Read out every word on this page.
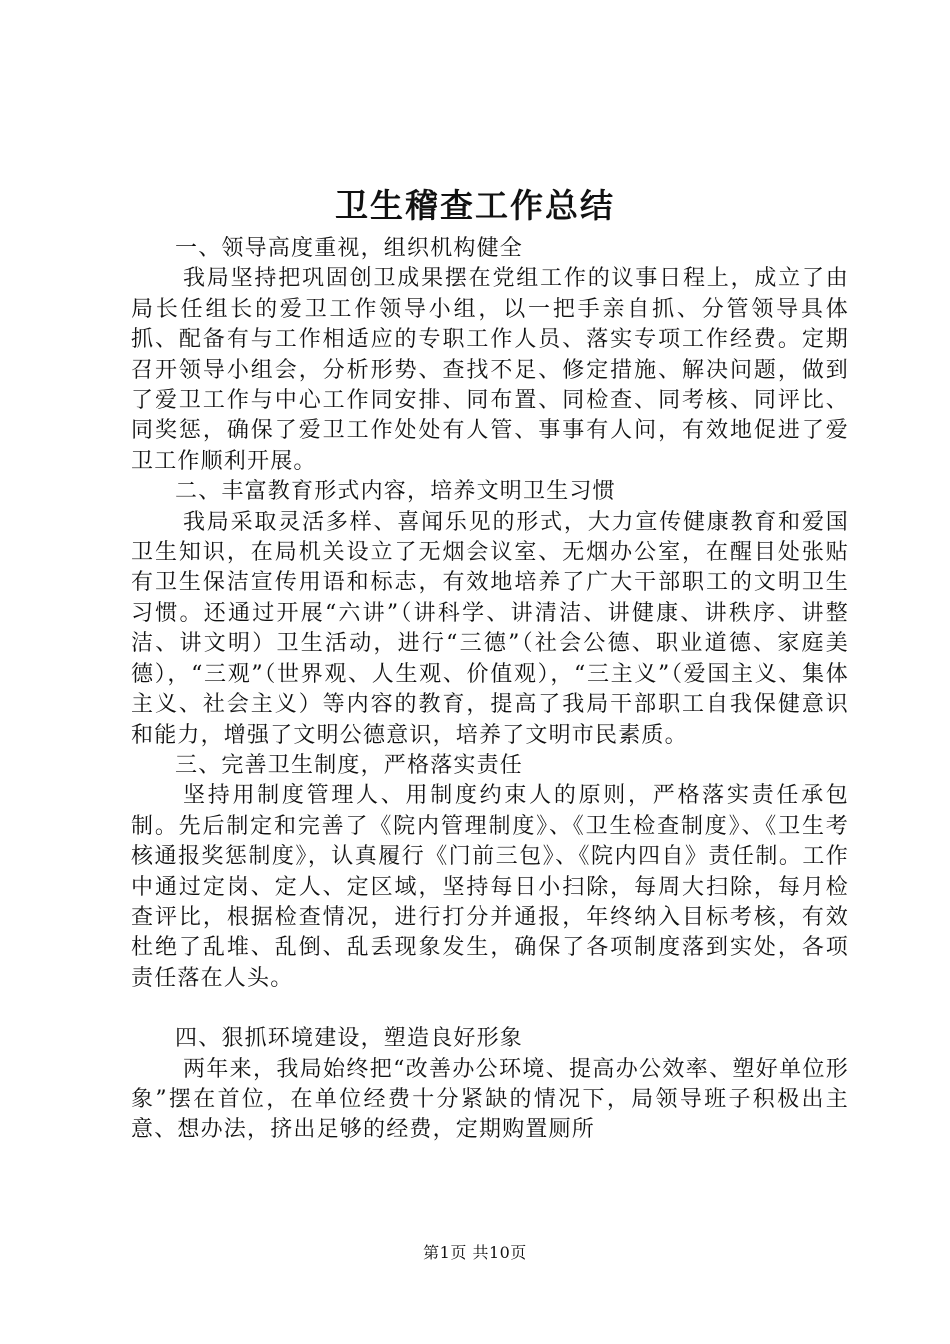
卫生稽查工作总结

一、领导高度重视，组织机构健全

我局坚持把巩固创卫成果摆在党组工作的议事日程上，成立了由局长任组长的爱卫工作领导小组，以一把手亲自抓、分管领导具体抓、配备有与工作相适应的专职工作人员、落实专项工作经费。定期召开领导小组会，分析形势、查找不足、修定措施、解决问题，做到了爱卫工作与中心工作同安排、同布置、同检查、同考核、同评比、同奖惩，确保了爱卫工作处处有人管、事事有人问，有效地促进了爱卫工作顺利开展。

二、丰富教育形式内容，培养文明卫生习惯

我局采取灵活多样、喜闻乐见的形式，大力宣传健康教育和爱国卫生知识，在局机关设立了无烟会议室、无烟办公室，在醒目处张贴有卫生保洁宣传用语和标志，有效地培养了广大干部职工的文明卫生习惯。还通过开展“六讲”（讲科学、讲清洁、讲健康、讲秩序、讲整洁、讲文明）卫生活动，进行“三德”（社会公德、职业道德、家庭美德），“三观”（世界观、人生观、价值观），“三主义”（爱国主义、集体主义、社会主义）等内容的教育，提高了我局干部职工自我保健意识和能力，增强了文明公德意识，培养了文明市民素质。

三、完善卫生制度，严格落实责任

坚持用制度管理人、用制度约束人的原则，严格落实责任承包制。先后制定和完善了《院内管理制度》、《卫生检查制度》、《卫生考核通报奖惩制度》，认真履行《门前三包》、《院内四自》责任制。工作中通过定岗、定人、定区域，坚持每日小扫除，每周大扫除，每月检查评比，根据检查情况，进行打分并通报，年终纳入目标考核，有效杜绝了乱堆、乱倒、乱丢现象发生，确保了各项制度落到实处，各项责任落在人头。

四、狠抓环境建设，塑造良好形象

两年来，我局始终把“改善办公环境、提高办公效率、塑好单位形象”摆在首位，在单位经费十分紧缺的情况下，局领导班子积极出主意、想办法，挤出足够的经费，定期购置厕所

第1页 共10页
